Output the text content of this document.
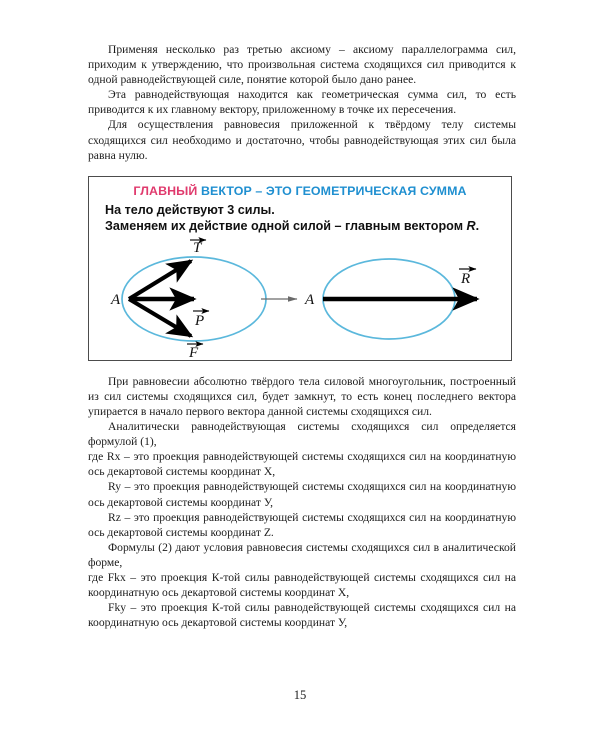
Применяя несколько раз третью аксиому – аксиому параллелограмма сил, приходим к утверждению, что произвольная система сходящихся сил приводится к одной равнодействующей силе, понятие которой было дано ранее.

Эта равнодействующая находится как геометрическая сумма сил, то есть приводится к их главному вектору, приложенному в точке их пересечения.

Для осуществления равновесия приложенной к твёрдому телу системы сходящихся сил необходимо и достаточно, чтобы равнодействующая этих сил была равна нулю.

ГЛАВНЫЙ ВЕКТОР – ЭТО ГЕОМЕТРИЧЕСКАЯ СУММА
На тело действуют 3 силы.
Заменяем их действие одной силой – главным вектором R.
A
T
P
F
A
R

При равновесии абсолютно твёрдого тела силовой многоугольник, построенный из сил системы сходящихся сил, будет замкнут, то есть конец последнего вектора упирается в начало первого вектора данной системы сходящихся сил.

Аналитически равнодействующая системы сходящихся сил определяется формулой (1),

где Rx – это проекция равнодействующей системы сходящихся сил на координатную ось декартовой системы координат X,

Ry – это проекция равнодействующей системы сходящихся сил на координатную ось декартовой системы координат У,

Rz – это проекция равнодействующей системы сходящихся сил на координатную ось декартовой системы координат Z.

Формулы (2) дают условия равновесия системы сходящихся сил в аналитической форме,

где Fkx – это проекция К-той силы равнодействующей системы сходящихся сил на координатную ось декартовой системы координат X,

Fky – это проекция К-той силы равнодействующей системы сходящихся сил на координатную ось декартовой системы координат У,

15
